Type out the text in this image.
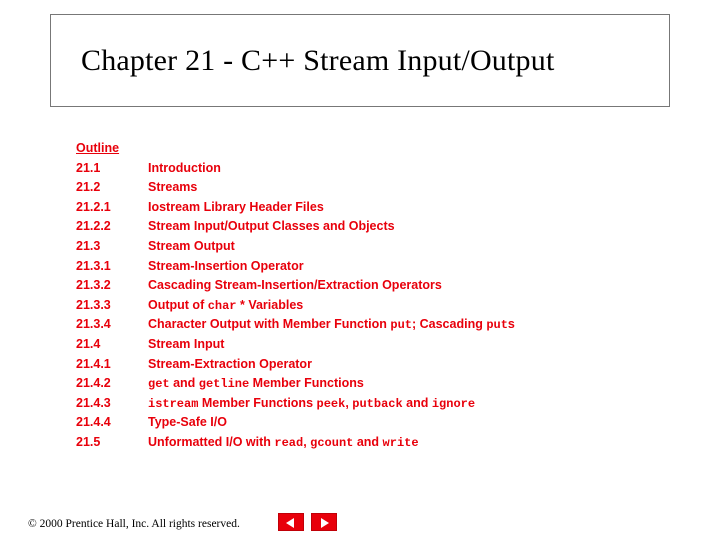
Chapter 21 - C++ Stream Input/Output
Outline
21.1	Introduction
21.2	Streams
21.2.1	Iostream Library Header Files
21.2.2	Stream Input/Output Classes and Objects
21.3	Stream Output
21.3.1	Stream-Insertion Operator
21.3.2	Cascading Stream-Insertion/Extraction Operators
21.3.3	Output of char * Variables
21.3.4	Character Output with Member Function put; Cascading puts
21.4	Stream Input
21.4.1	Stream-Extraction Operator
21.4.2	get and getline Member Functions
21.4.3	istream Member Functions peek, putback and ignore
21.4.4	Type-Safe I/O
21.5	Unformatted I/O with read, gcount and write
© 2000 Prentice Hall, Inc. All rights reserved.
